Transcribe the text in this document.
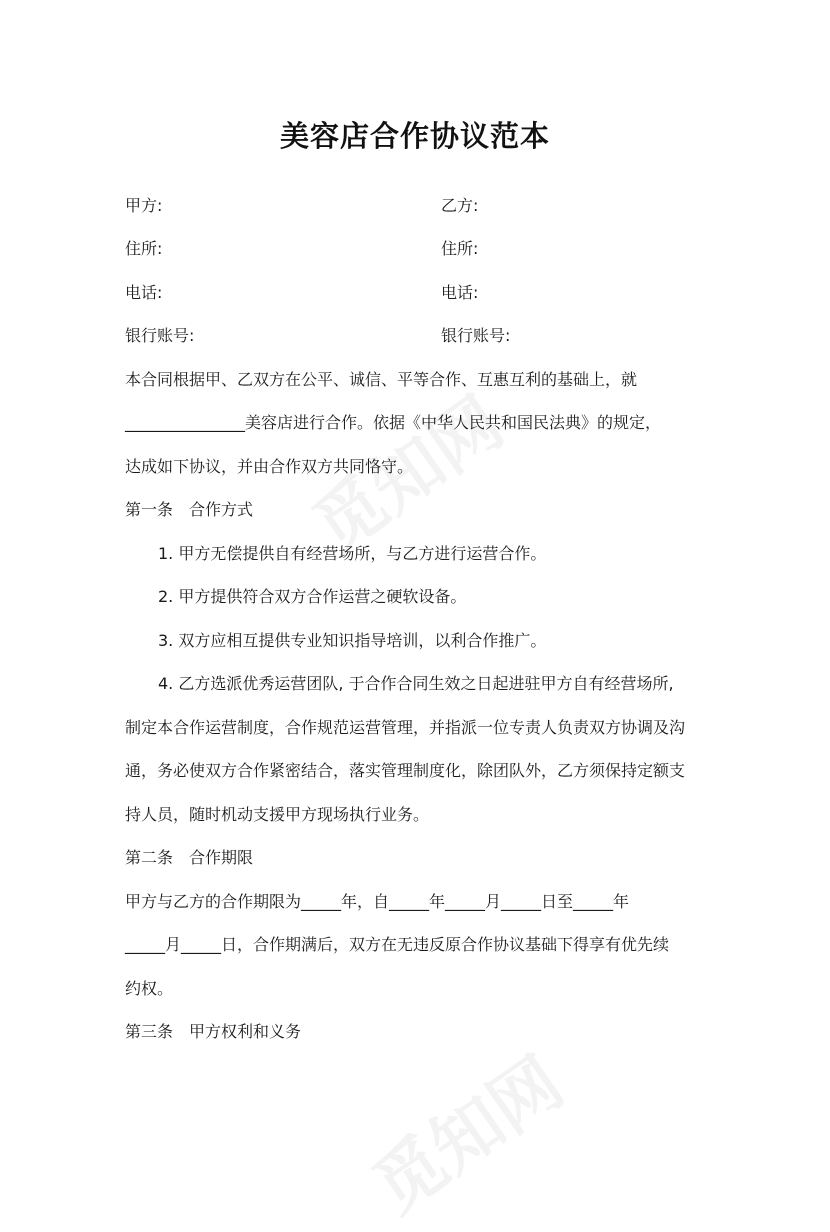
美容店合作协议范本
甲方:	乙方:
住所:	住所:
电话:	电话:
银行账号:	银行账号:
本合同根据甲、乙双方在公平、诚信、平等合作、互惠互利的基础上，就
_______________美容店进行合作。依据《中华人民共和国民法典》的规定，
达成如下协议，并由合作双方共同恪守。
第一条　合作方式
1. 甲方无偿提供自有经营场所，与乙方进行运营合作。
2. 甲方提供符合双方合作运营之硬软设备。
3. 双方应相互提供专业知识指导培训，以利合作推广。
4. 乙方选派优秀运营团队, 于合作合同生效之日起进驻甲方自有经营场所,
制定本合作运营制度，合作规范运营管理，并指派一位专责人负责双方协调及沟
通，务必使双方合作紧密结合，落实管理制度化，除团队外，乙方须保持定额支
持人员，随时机动支援甲方现场执行业务。
第二条　合作期限
甲方与乙方的合作期限为_____年，自_____年_____月_____日至_____年
_____月_____日，合作期满后，双方在无违反原合作协议基础下得享有优先续
约权。
第三条　甲方权利和义务
